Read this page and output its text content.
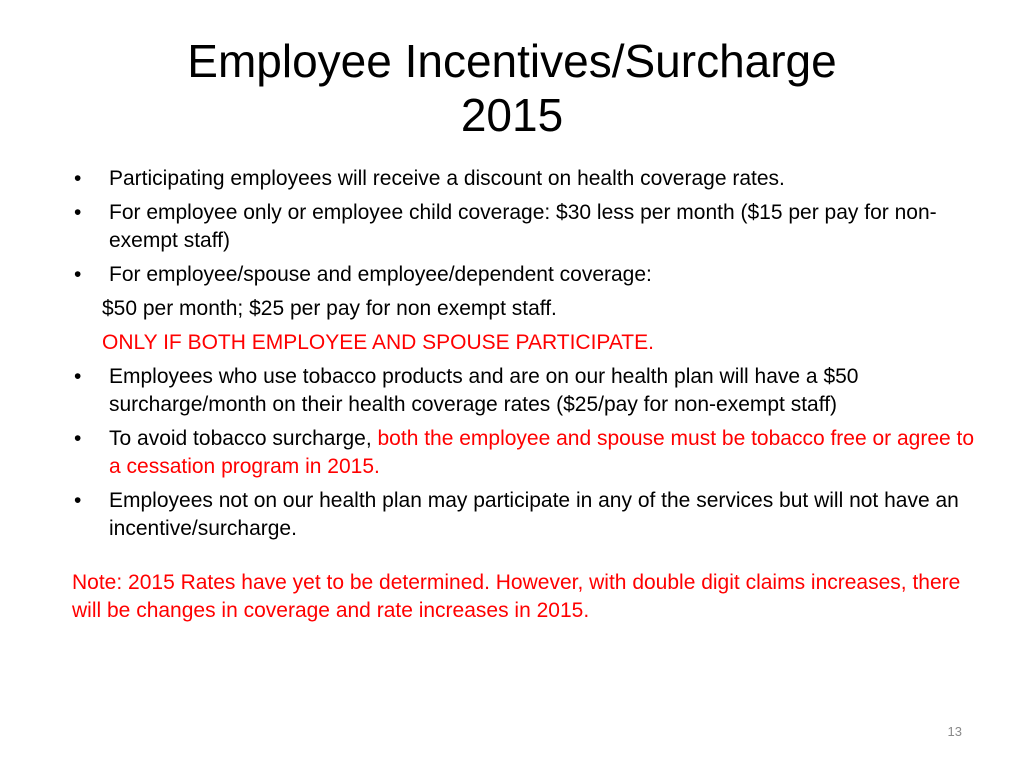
Employee Incentives/Surcharge
2015
• Participating employees will receive a discount on health coverage rates.
• For employee only or employee child coverage: $30 less per month ($15 per pay for non-exempt staff)
• For employee/spouse and employee/dependent coverage:
$50 per month; $25 per pay for non exempt staff.
ONLY IF BOTH EMPLOYEE AND SPOUSE PARTICIPATE.
• Employees who use tobacco products and are on our health plan will have a $50 surcharge/month on their health coverage rates ($25/pay for non-exempt staff)
• To avoid tobacco surcharge, both the employee and spouse must be tobacco free or agree to a cessation program in 2015.
• Employees not on our health plan may participate in any of the services but will not have an incentive/surcharge.
Note: 2015 Rates have yet to be determined. However, with double digit claims increases, there will be changes in coverage and rate increases in 2015.
13
